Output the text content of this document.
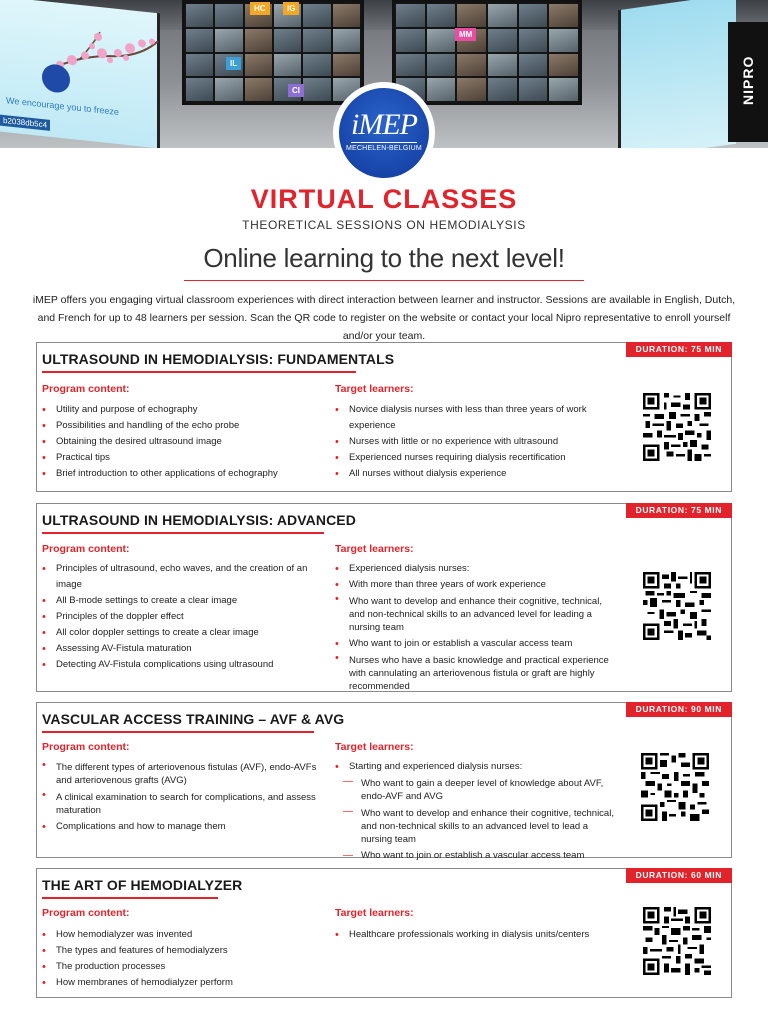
We encourage you to freeze
b2038db5c4
HC	IG
MM
IL
CI	NIPRO
iMEP
MECHELEN-BELGIUM
VIRTUAL CLASSES
THEORETICAL SESSIONS ON HEMODIALYSIS
Online learning to the next level!

iMEP offers you engaging virtual classroom experiences with direct interaction between learner and instructor. Sessions are available in English, Dutch, and French for up to 48 learners per session. Scan the QR code to register on the website or contact your local Nipro representative to enroll yourself and/or your team.

DURATION: 75 MIN
ULTRASOUND IN HEMODIALYSIS: FUNDAMENTALS
Program content:
• Utility and purpose of echography
• Possibilities and handling of the echo probe
• Obtaining the desired ultrasound image
• Practical tips
• Brief introduction to other applications of echography
Target learners:
• Novice dialysis nurses with less than three years of work experience
• Nurses with little or no experience with ultrasound
• Experienced nurses requiring dialysis recertification
• All nurses without dialysis experience
DURATION: 75 MIN
ULTRASOUND IN HEMODIALYSIS: ADVANCED
Program content:
• Principles of ultrasound, echo waves, and the creation of an image
• All B-mode settings to create a clear image
• Principles of the doppler effect
• All color doppler settings to create a clear image
• Assessing AV-Fistula maturation
• Detecting AV-Fistula complications using ultrasound
Target learners:
• Experienced dialysis nurses:
• With more than three years of work experience
• Who want to develop and enhance their cognitive, technical, and non-technical skills to an advanced level for leading a nursing team
• Who want to join or establish a vascular access team
• Nurses who have a basic knowledge and practical experience with cannulating an arteriovenous fistula or graft are highly recommended
DURATION: 90 MIN
VASCULAR ACCESS TRAINING – AVF & AVG
Program content:
• The different types of arteriovenous fistulas (AVF), endo-AVFs and arteriovenous grafts (AVG)
• A clinical examination to search for complications, and assess maturation
• Complications and how to manage them
Target learners:
• Starting and experienced dialysis nurses:
— Who want to gain a deeper level of knowledge about AVF, endo-AVF and AVG
— Who want to develop and enhance their cognitive, technical, and non-technical skills to an advanced level to lead a nursing team
— Who want to join or establish a vascular access team
DURATION: 60 MIN
THE ART OF HEMODIALYZER
Program content:
• How hemodialyzer was invented
• The types and features of hemodialyzers
• The production processes
• How membranes of hemodialyzer perform
Target learners:
• Healthcare professionals working in dialysis units/centers
